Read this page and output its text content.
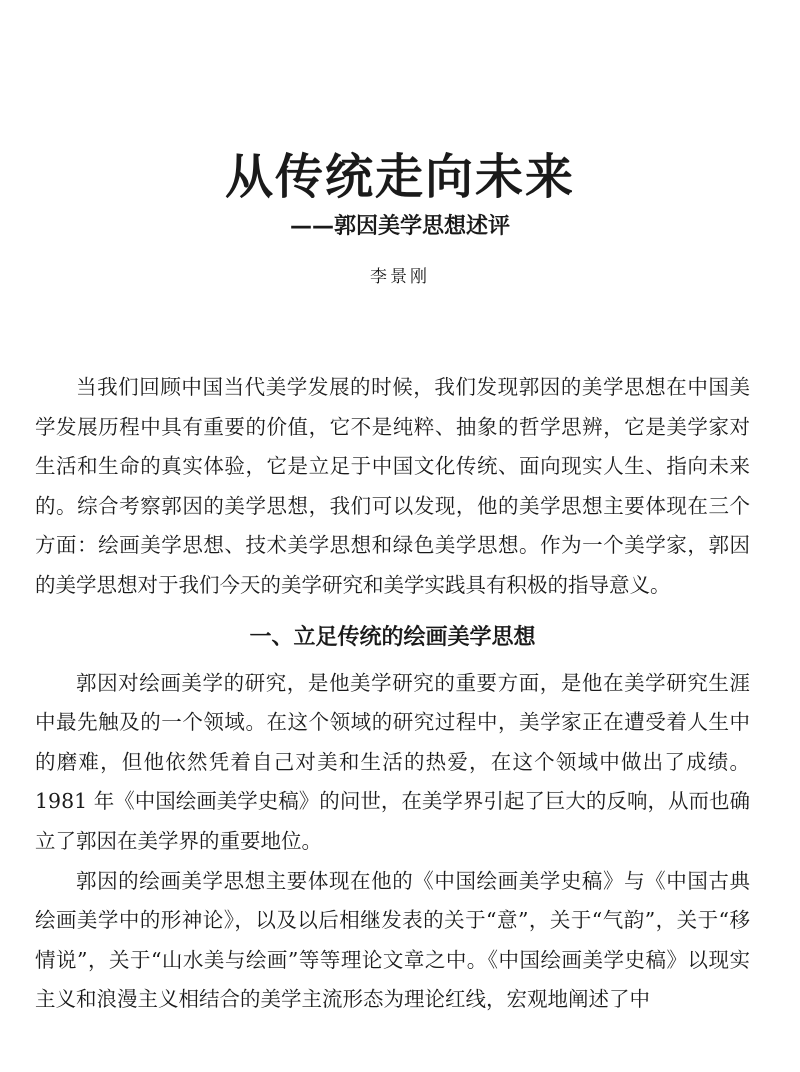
从传统走向未来
——郭因美学思想述评
李景刚

当我们回顾中国当代美学发展的时候，我们发现郭因的美学思想在中国美学发展历程中具有重要的价值，它不是纯粹、抽象的哲学思辨，它是美学家对生活和生命的真实体验，它是立足于中国文化传统、面向现实人生、指向未来的。综合考察郭因的美学思想，我们可以发现，他的美学思想主要体现在三个方面：绘画美学思想、技术美学思想和绿色美学思想。作为一个美学家，郭因的美学思想对于我们今天的美学研究和美学实践具有积极的指导意义。

一、立足传统的绘画美学思想

郭因对绘画美学的研究，是他美学研究的重要方面，是他在美学研究生涯中最先触及的一个领域。在这个领域的研究过程中，美学家正在遭受着人生中的磨难，但他依然凭着自己对美和生活的热爱，在这个领域中做出了成绩。1981 年《中国绘画美学史稿》的问世，在美学界引起了巨大的反响，从而也确立了郭因在美学界的重要地位。

郭因的绘画美学思想主要体现在他的《中国绘画美学史稿》与《中国古典绘画美学中的形神论》，以及以后相继发表的关于“意”，关于“气韵”，关于“移情说”，关于“山水美与绘画”等等理论文章之中。《中国绘画美学史稿》以现实主义和浪漫主义相结合的美学主流形态为理论红线，宏观地阐述了中
